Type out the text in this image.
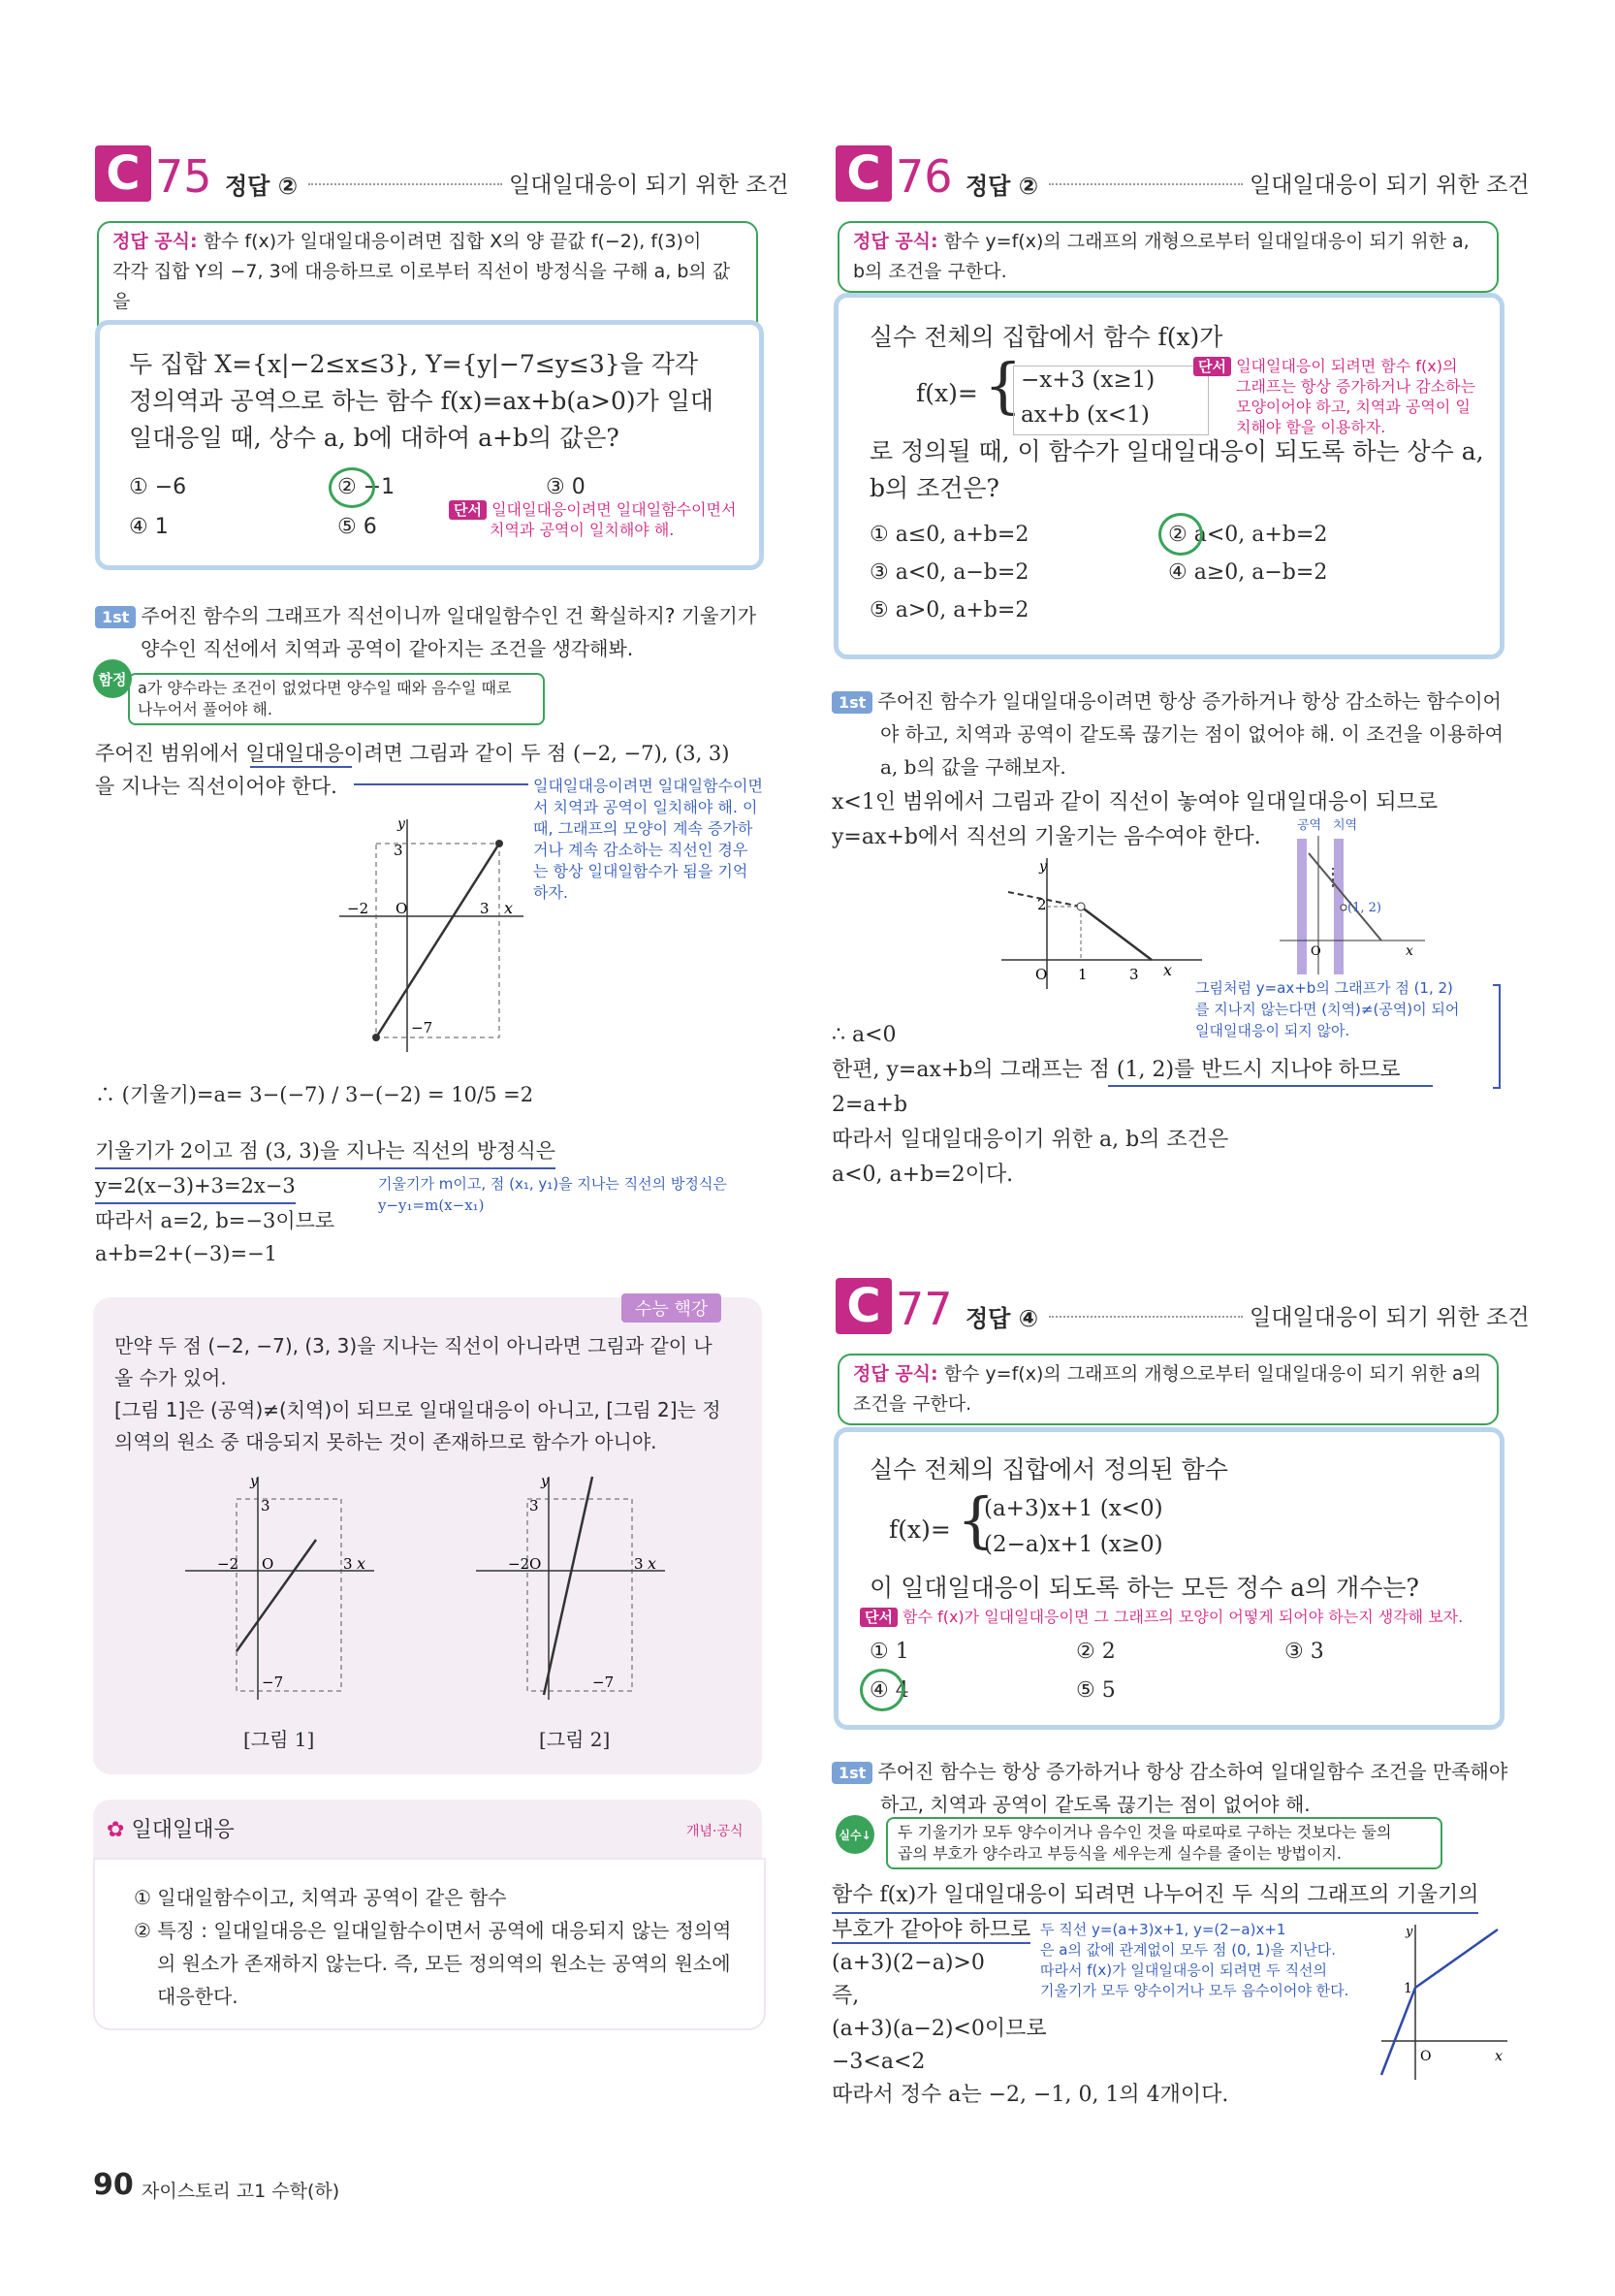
C 75 정답 ②	일대일대응이 되기 위한 조건
정답 공식: 함수 f(x)가 일대일대응이려면 집합 X의 양 끝값 f(−2), f(3)이
각각 집합 Y의 −7, 3에 대응하므로 이로부터 직선이 방정식을 구해 a, b의 값을

두 집합 X={x|−2≤x≤3}, Y={y|−7≤y≤3}을 각각
정의역과 공역으로 하는 함수 f(x)=ax+b(a>0)가 일대
일대응일 때, 상수 a, b에 대하여 a+b의 값은?
① −6	② −1	③ 0
④ 1	⑤ 6
단서 일대일대응이려면 일대일함수이면서
치역과 공역이 일치해야 해.
1st 주어진 함수의 그래프가 직선이니까 일대일함수인 건 확실하지? 기울기가
양수인 직선에서 치역과 공역이 같아지는 조건을 생각해봐.
함정 a가 양수라는 조건이 없었다면 양수일 때와 음수일 때로
나누어서 풀어야 해.
주어진 범위에서 일대일대응이려면 그림과 같이 두 점 (−2, −7), (3, 3)
을 지나는 직선이어야 한다.	일대일대응이려면 일대일함수이면
서 치역과 공역이 일치해야 해. 이
때, 그래프의 모양이 계속 증가하
거나 계속 감소하는 직선인 경우
는 항상 일대일함수가 됨을 기억
하자.
y
x
3
−2 O	3
−7
∴ (기울기)=a= 3−(−7) / 3−(−2) = 10/5 =2
기울기가 2이고 점 (3, 3)을 지나는 직선의 방정식은
y=2(x−3)+3=2x−3
따라서 a=2, b=−3이므로
a+b=2+(−3)=−1
기울기가 m이고, 점 (x₁, y₁)을 지나는 직선의 방정식은
y−y₁=m(x−x₁)
수능 핵강
만약 두 점 (−2, −7), (3, 3)을 지나는 직선이 아니라면 그림과 같이 나
올 수가 있어.
[그림 1]은 (공역)≠(치역)이 되므로 일대일대응이 아니고, [그림 2]는 정
의역의 원소 중 대응되지 못하는 것이 존재하므로 함수가 아니야.
y
x
3
−2 O	3
−7
y
x
3
−2 O	3
−7
[그림 1]	[그림 2]
✿ 일대일대응	개념·공식
① 일대일함수이고, 치역과 공역이 같은 함수
② 특징 : 일대일대응은 일대일함수이면서 공역에 대응되지 않는 정의역
의 원소가 존재하지 않는다. 즉, 모든 정의역의 원소는 공역의 원소에
대응한다.
90 자이스토리 고1 수학(하)
C 76 정답 ②	일대일대응이 되기 위한 조건
정답 공식: 함수 y=f(x)의 그래프의 개형으로부터 일대일대응이 되기 위한 a,
b의 조건을 구한다.
실수 전체의 집합에서 함수 f(x)가
f(x)= {
−x+3 (x≥1)
ax+b (x<1)
단서 일대일대응이 되려면 함수 f(x)의
그래프는 항상 증가하거나 감소하는
모양이어야 하고, 치역과 공역이 일
치해야 함을 이용하자.
로 정의될 때, 이 함수가 일대일대응이 되도록 하는 상수 a,
b의 조건은?
① a≤0, a+b=2	② a<0, a+b=2
③ a<0, a−b=2	④ a≥0, a−b=2
⑤ a>0, a+b=2
1st 주어진 함수가 일대일대응이려면 항상 증가하거나 항상 감소하는 함수이어
야 하고, 치역과 공역이 같도록 끊기는 점이 없어야 해. 이 조건을 이용하여
a, b의 값을 구해보자.
x<1인 범위에서 그림과 같이 직선이 놓여야 일대일대응이 되므로
y=ax+b에서 직선의 기울기는 음수여야 한다.
y
2
O 1	3 x
공역 치역
(1, 2)
O	x
그림처럼 y=ax+b의 그래프가 점 (1, 2)
를 지나지 않는다면 (치역)≠(공역)이 되어
일대일대응이 되지 않아.
∴ a<0
한편, y=ax+b의 그래프는 점 (1, 2)를 반드시 지나야 하므로
2=a+b
따라서 일대일대응이기 위한 a, b의 조건은
a<0, a+b=2이다.
C 77 정답 ④	일대일대응이 되기 위한 조건
정답 공식: 함수 y=f(x)의 그래프의 개형으로부터 일대일대응이 되기 위한 a의
조건을 구한다.
실수 전체의 집합에서 정의된 함수
f(x)= {
(a+3)x+1 (x<0)
(2−a)x+1 (x≥0)
이 일대일대응이 되도록 하는 모든 정수 a의 개수는?
단서 함수 f(x)가 일대일대응이면 그 그래프의 모양이 어떻게 되어야 하는지 생각해 보자.
① 1	② 2	③ 3
④ 4	⑤ 5
1st 주어진 함수는 항상 증가하거나 항상 감소하여 일대일함수 조건을 만족해야
하고, 치역과 공역이 같도록 끊기는 점이 없어야 해.
실수↓ 두 기울기가 모두 양수이거나 음수인 것을 따로따로 구하는 것보다는 둘의
곱의 부호가 양수라고 부등식을 세우는게 실수를 줄이는 방법이지.
함수 f(x)가 일대일대응이 되려면 나누어진 두 식의 그래프의 기울기의
부호가 같아야 하므로
(a+3)(2−a)>0
즉,
(a+3)(a−2)<0이므로
−3<a<2
따라서 정수 a는 −2, −1, 0, 1의 4개이다.
두 직선 y=(a+3)x+1, y=(2−a)x+1
은 a의 값에 관계없이 모두 점 (0, 1)을 지난다.
따라서 f(x)가 일대일대응이 되려면 두 직선의
기울기가 모두 양수이거나 모두 음수이어야 한다.
y
1
O	x
